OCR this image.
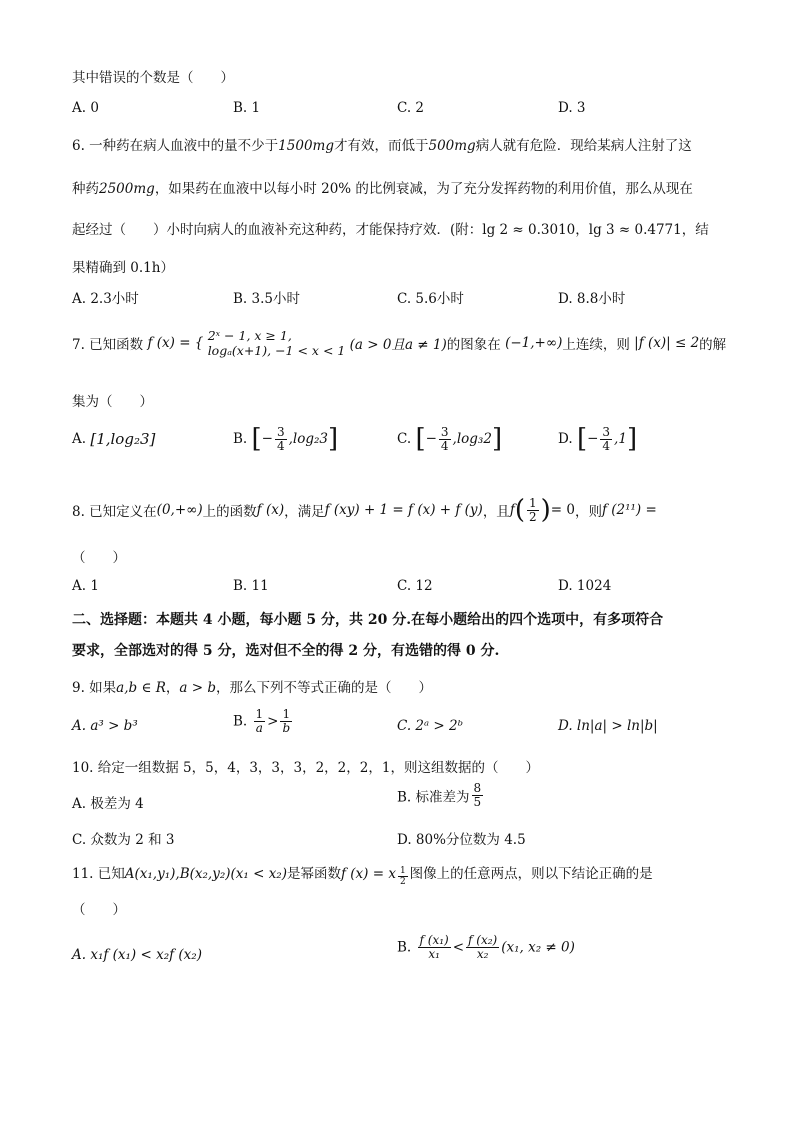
其中错误的个数是（　　）
A. 0	B. 1	C. 2	D. 3
6. 一种药在病人血液中的量不少于1500mg才有效，而低于500mg病人就有危险．现给某病人注射了这
种药2500mg，如果药在血液中以每小时 20% 的比例衰减，为了充分发挥药物的利用价值，那么从现在
起经过（　　）小时向病人的血液补充这种药，才能保持疗效．(附：lg 2 ≈ 0.3010，lg 3 ≈ 0.4771，结
果精确到 0.1h）
A. 2.3小时	B. 3.5小时	C. 5.6小时	D. 8.8小时
7. 已知函数 f (x) = { 2ˣ − 1, x ≥ 1,
logₐ(x+1), −1 < x < 1 (a > 0且a ≠ 1)的图象在 (−1,+∞)上连续，则 |f (x)| ≤ 2的解
集为（　　）
A. [1,log₂3]	B. [− $\frac{3}{4} ,\log_23$]	C. [− $\frac{3}{4} ,\log_32$]	D. [− $\frac{3}{4} ,1$]
8. 已知定义在(0,+∞)上的函数f (x)，满足f (xy) + 1 = f (x) + f (y)，且$f( \frac{1}{2}$ )= 0，则f (2¹¹) =
（　　）
A. 1	B. 11	C. 12	D. 1024
二、选择题：本题共 4 小题，每小题 5 分，共 20 分.在每小题给出的四个选项中，有多项符合
要求，全部选对的得 5 分，选对但不全的得 2 分，有选错的得 0 分.
9. 如果a,b ∈ R，a > b，那么下列不等式正确的是（　　）
A. a³ > b³	B. $\frac{1}{a} > \frac{1}{b}$	C. 2ᵃ > 2ᵇ	D. ln|a| > ln|b|
10. 给定一组数据 5，5，4，3，3，3，2，2，2，1，则这组数据的（　　）
A. 极差为 4	B. 标准差为 $\frac{8}{5}$
C. 众数为 2 和 3	D. 80%分位数为 4.5
11. 已知A(x₁,y₁),B(x₂,y₂)(x₁ < x₂)是幂函数f (x) = x $\frac{1}{2}$ 图像上的任意两点，则以下结论正确的是
（　　）
A. x₁f (x₁) < x₂f (x₂)	B. $\frac{\text{f (x₁)}}{\text{x₁}} < \frac{\text{f (x₂)}}{\text{x₂}} (x_1$, x₂ ≠ 0)
